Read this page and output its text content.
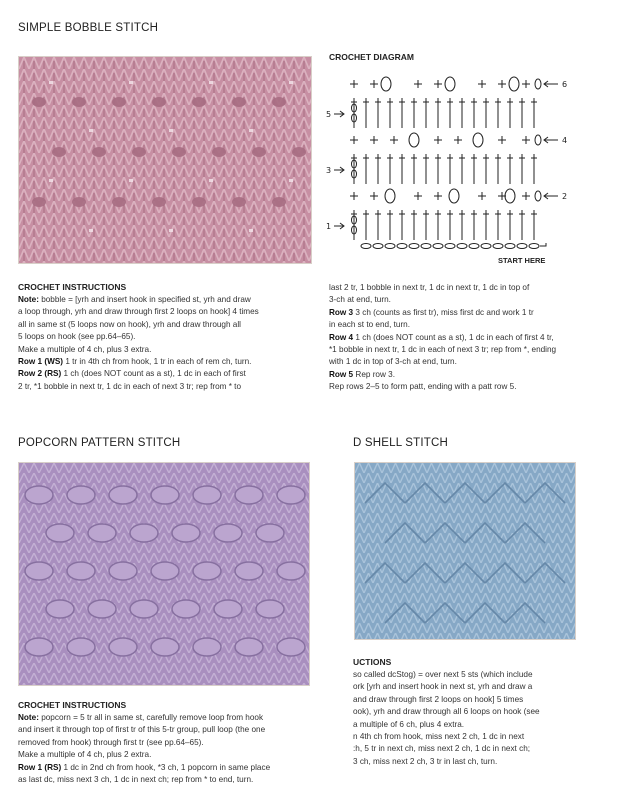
SIMPLE BOBBLE STITCH
CROCHET DIAGRAM
6
5
4
3
2
1
START HERE
CROCHET INSTRUCTIONS
Note: bobble = [yrh and insert hook in specified st, yrh and draw
a loop through, yrh and draw through first 2 loops on hook] 4 times
all in same st (5 loops now on hook), yrh and draw through all
5 loops on hook (see pp.64–65).
Make a multiple of 4 ch, plus 3 extra.
Row 1 (WS) 1 tr in 4th ch from hook, 1 tr in each of rem ch, turn.
Row 2 (RS) 1 ch (does NOT count as a st), 1 dc in each of first
2 tr, *1 bobble in next tr, 1 dc in each of next 3 tr; rep from * to
last 2 tr, 1 bobble in next tr, 1 dc in next tr, 1 dc in top of
3-ch at end, turn.
Row 3 3 ch (counts as first tr), miss first dc and work 1 tr
in each st to end, turn.
Row 4 1 ch (does NOT count as a st), 1 dc in each of first 4 tr,
*1 bobble in next tr, 1 dc in each of next 3 tr; rep from *, ending
with 1 dc in top of 3-ch at end, turn.
Row 5 Rep row 3.
Rep rows 2–5 to form patt, ending with a patt row 5.
POPCORN PATTERN STITCH
CROCHET INSTRUCTIONS
Note: popcorn = 5 tr all in same st, carefully remove loop from hook
and insert it through top of first tr of this 5-tr group, pull loop (the one
removed from hook) through first tr (see pp.64–65).
Make a multiple of 4 ch, plus 2 extra.
Row 1 (RS) 1 dc in 2nd ch from hook, *3 ch, 1 popcorn in same place
as last dc, miss next 3 ch, 1 dc in next ch; rep from * to end, turn.
D SHELL STITCH
UCTIONS
so called dcStog) = over next 5 sts (which include
ork [yrh and insert hook in next st, yrh and draw a
and draw through first 2 loops on hook] 5 times
ook), yrh and draw through all 6 loops on hook (see
a multiple of 6 ch, plus 4 extra.
n 4th ch from hook, miss next 2 ch, 1 dc in next
:h, 5 tr in next ch, miss next 2 ch, 1 dc in next ch;
3 ch, miss next 2 ch, 3 tr in last ch, turn.
